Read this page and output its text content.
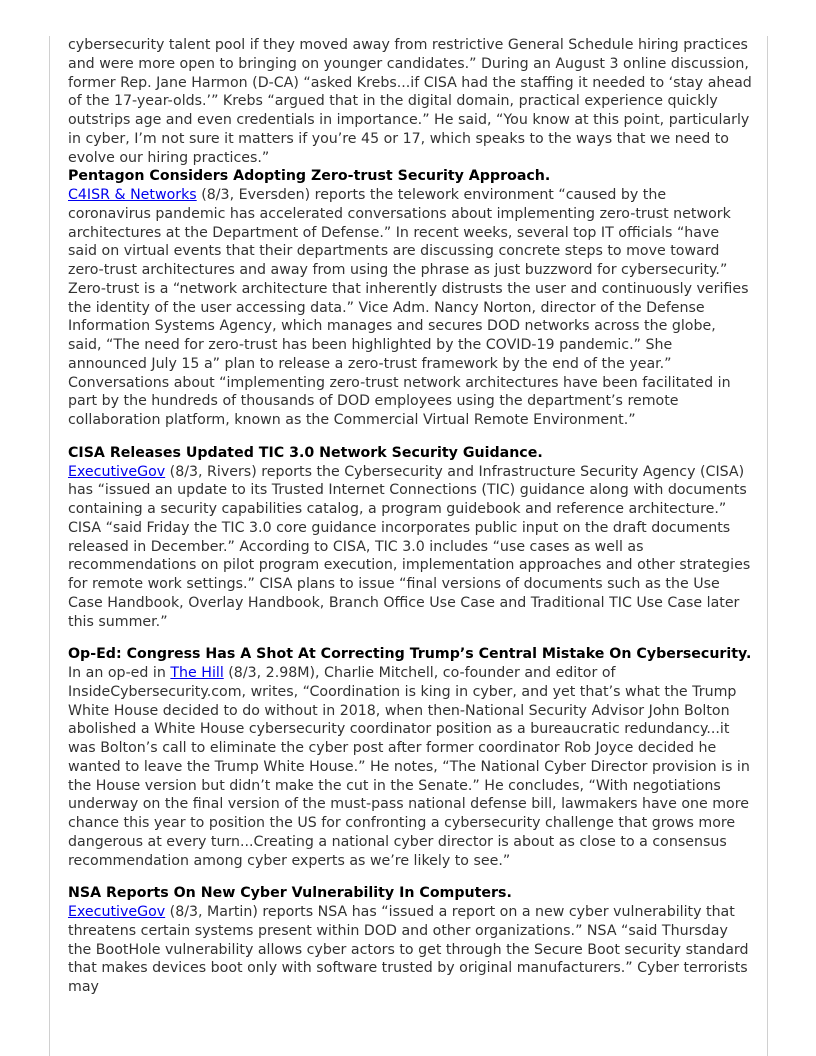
cybersecurity talent pool if they moved away from restrictive General Schedule hiring practices and were more open to bringing on younger candidates.” During an August 3 online discussion, former Rep. Jane Harmon (D-CA) “asked Krebs...if CISA had the staffing it needed to ‘stay ahead of the 17-year-olds.’” Krebs “argued that in the digital domain, practical experience quickly outstrips age and even credentials in importance.” He said, “You know at this point, particularly in cyber, I’m not sure it matters if you’re 45 or 17, which speaks to the ways that we need to evolve our hiring practices.”

Pentagon Considers Adopting Zero-trust Security Approach.

C4ISR & Networks (8/3, Eversden) reports the telework environment “caused by the coronavirus pandemic has accelerated conversations about implementing zero-trust network architectures at the Department of Defense.” In recent weeks, several top IT officials “have said on virtual events that their departments are discussing concrete steps to move toward zero-trust architectures and away from using the phrase as just buzzword for cybersecurity.” Zero-trust is a “network architecture that inherently distrusts the user and continuously verifies the identity of the user accessing data.” Vice Adm. Nancy Norton, director of the Defense Information Systems Agency, which manages and secures DOD networks across the globe, said, “The need for zero-trust has been highlighted by the COVID-19 pandemic.” She announced July 15 a” plan to release a zero-trust framework by the end of the year.” Conversations about “implementing zero-trust network architectures have been facilitated in part by the hundreds of thousands of DOD employees using the department’s remote collaboration platform, known as the Commercial Virtual Remote Environment.”

CISA Releases Updated TIC 3.0 Network Security Guidance.

ExecutiveGov (8/3, Rivers) reports the Cybersecurity and Infrastructure Security Agency (CISA) has “issued an update to its Trusted Internet Connections (TIC) guidance along with documents containing a security capabilities catalog, a program guidebook and reference architecture.” CISA “said Friday the TIC 3.0 core guidance incorporates public input on the draft documents released in December.” According to CISA, TIC 3.0 includes “use cases as well as recommendations on pilot program execution, implementation approaches and other strategies for remote work settings.” CISA plans to issue “final versions of documents such as the Use Case Handbook, Overlay Handbook, Branch Office Use Case and Traditional TIC Use Case later this summer.”

Op-Ed: Congress Has A Shot At Correcting Trump’s Central Mistake On Cybersecurity.

In an op-ed in The Hill (8/3, 2.98M), Charlie Mitchell, co-founder and editor of InsideCybersecurity.com, writes, “Coordination is king in cyber, and yet that’s what the Trump White House decided to do without in 2018, when then-National Security Advisor John Bolton abolished a White House cybersecurity coordinator position as a bureaucratic redundancy...it was Bolton’s call to eliminate the cyber post after former coordinator Rob Joyce decided he wanted to leave the Trump White House.” He notes, “The National Cyber Director provision is in the House version but didn’t make the cut in the Senate.” He concludes, “With negotiations underway on the final version of the must-pass national defense bill, lawmakers have one more chance this year to position the US for confronting a cybersecurity challenge that grows more dangerous at every turn...Creating a national cyber director is about as close to a consensus recommendation among cyber experts as we’re likely to see.”

NSA Reports On New Cyber Vulnerability In Computers.

ExecutiveGov (8/3, Martin) reports NSA has “issued a report on a new cyber vulnerability that threatens certain systems present within DOD and other organizations.” NSA “said Thursday the BootHole vulnerability allows cyber actors to get through the Secure Boot security standard that makes devices boot only with software trusted by original manufacturers.” Cyber terrorists may
